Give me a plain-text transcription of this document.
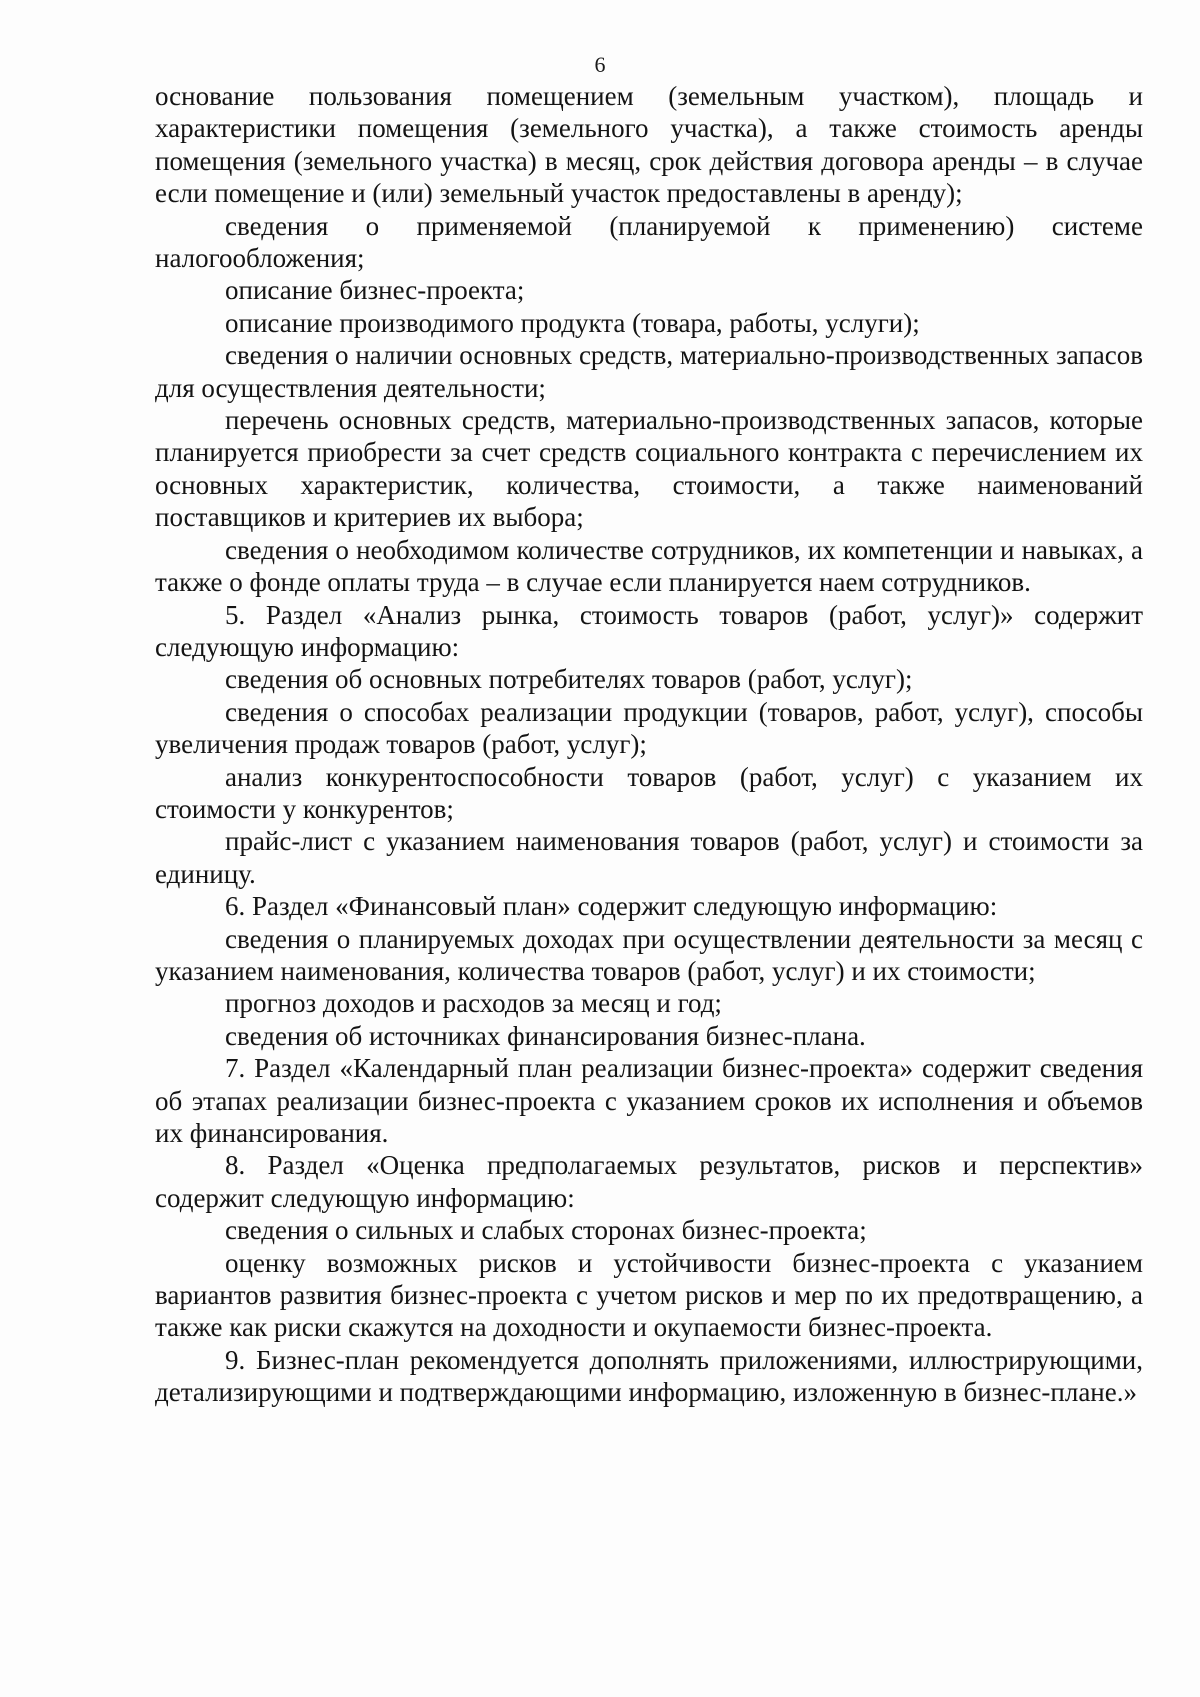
6

основание пользования помещением (земельным участком), площадь и характеристики помещения (земельного участка), а также стоимость аренды помещения (земельного участка) в месяц, срок действия договора аренды – в случае если помещение и (или) земельный участок предоставлены в аренду);

сведения о применяемой (планируемой к применению) системе налогообложения;

описание бизнес-проекта;

описание производимого продукта (товара, работы, услуги);

сведения о наличии основных средств, материально-производственных запасов для осуществления деятельности;

перечень основных средств, материально-производственных запасов, которые планируется приобрести за счет средств социального контракта с перечислением их основных характеристик, количества, стоимости, а также наименований поставщиков и критериев их выбора;

сведения о необходимом количестве сотрудников, их компетенции и навыках, а также о фонде оплаты труда – в случае если планируется наем сотрудников.

5. Раздел «Анализ рынка, стоимость товаров (работ, услуг)» содержит следующую информацию:

сведения об основных потребителях товаров (работ, услуг);

сведения о способах реализации продукции (товаров, работ, услуг), способы увеличения продаж товаров (работ, услуг);

анализ конкурентоспособности товаров (работ, услуг) с указанием их стоимости у конкурентов;

прайс-лист с указанием наименования товаров (работ, услуг) и стоимости за единицу.

6. Раздел «Финансовый план» содержит следующую информацию:

сведения о планируемых доходах при осуществлении деятельности за месяц с указанием наименования, количества товаров (работ, услуг) и их стоимости;

прогноз доходов и расходов за месяц и год;

сведения об источниках финансирования бизнес-плана.

7. Раздел «Календарный план реализации бизнес-проекта» содержит сведения об этапах реализации бизнес-проекта с указанием сроков их исполнения и объемов их финансирования.

8. Раздел «Оценка предполагаемых результатов, рисков и перспектив» содержит следующую информацию:

сведения о сильных и слабых сторонах бизнес-проекта;

оценку возможных рисков и устойчивости бизнес-проекта с указанием вариантов развития бизнес-проекта с учетом рисков и мер по их предотвращению, а также как риски скажутся на доходности и окупаемости бизнес-проекта.

9. Бизнес-план рекомендуется дополнять приложениями, иллюстрирующими, детализирующими и подтверждающими информацию, изложенную в бизнес-плане.»
